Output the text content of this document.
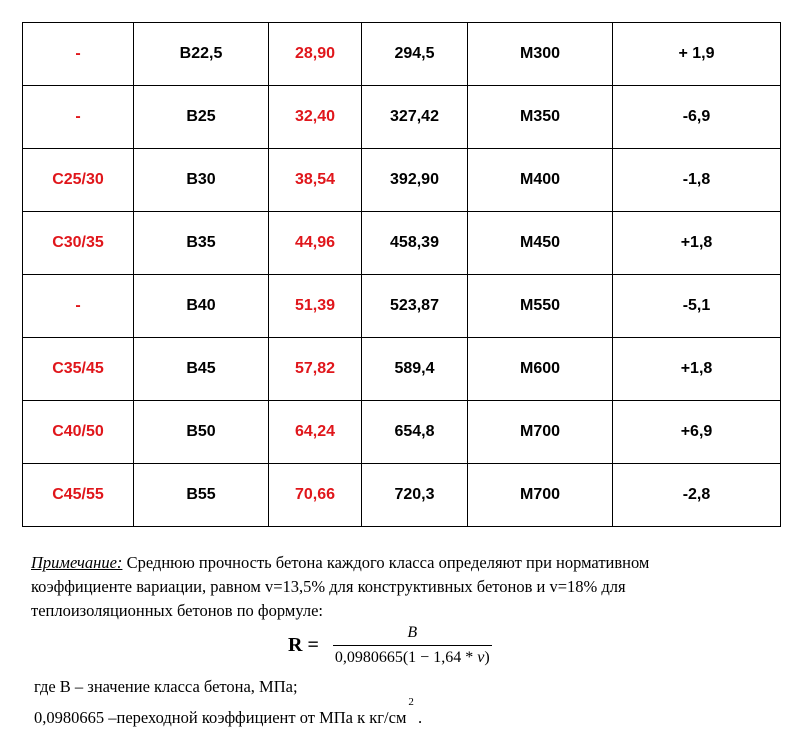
-	B22,5	28,90	294,5	M300	+ 1,9
-	B25	32,40	327,42	M350	-6,9
C25/30	B30	38,54	392,90	M400	-1,8
C30/35	B35	44,96	458,39	M450	+1,8
-	B40	51,39	523,87	M550	-5,1
C35/45	B45	57,82	589,4	M600	+1,8
C40/50	B50	64,24	654,8	M700	+6,9
C45/55	B55	70,66	720,3	M700	-2,8
Примечание: Среднюю прочность бетона каждого класса определяют при нормативном
коэффициенте вариации, равном v=13,5% для конструктивных бетонов и v=18% для
теплоизоляционных бетонов по формуле:
$R = \frac{B}{0,0980665(1 - 1,64 * \nu)}$
где В – значение класса бетона, МПа;
0,0980665 –переходной коэффициент от МПа к $кг/см^2$ .
